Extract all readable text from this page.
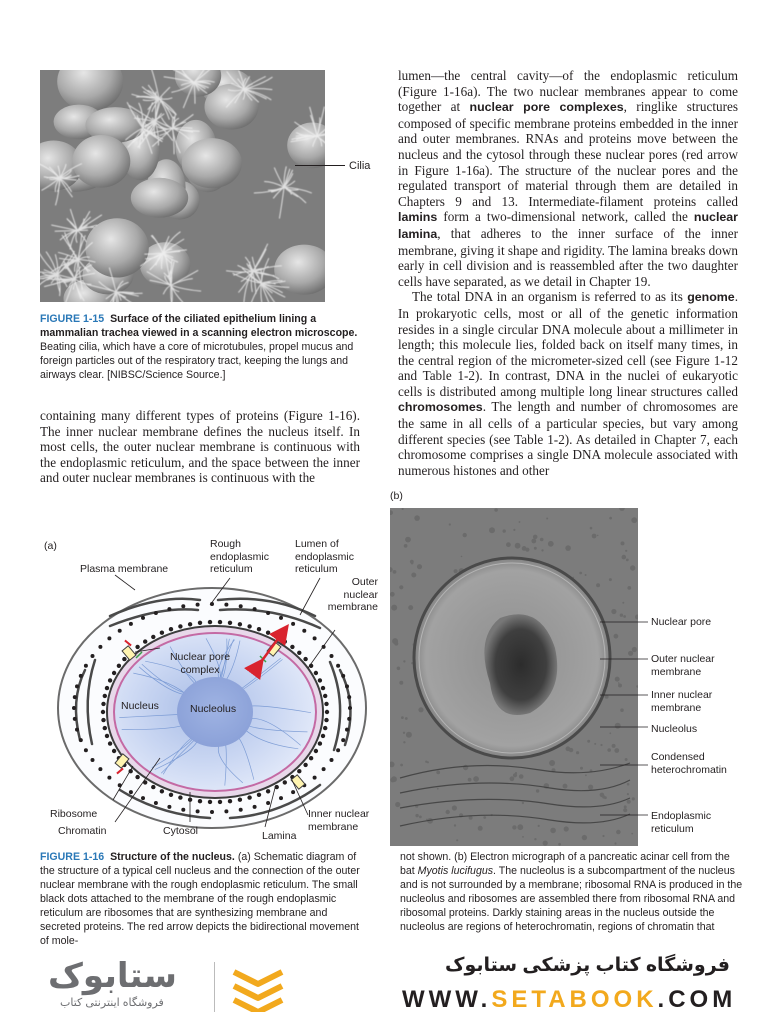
Cilia
FIGURE 1-15 Surface of the ciliated epithelium lining a mammalian trachea viewed in a scanning electron microscope. Beating cilia, which have a core of microtubules, propel mucus and foreign particles out of the respiratory tract, keeping the lungs and airways clear. [NIBSC/Science Source.]

containing many different types of proteins (Figure 1-16). The inner nuclear membrane defines the nucleus itself. In most cells, the outer nuclear membrane is continuous with the endoplasmic reticulum, and the space between the inner and outer nuclear membranes is continuous with the

lumen—the central cavity—of the endoplasmic reticulum (Figure 1-16a). The two nuclear membranes appear to come together at nuclear pore complexes, ringlike structures composed of specific membrane proteins embedded in the inner and outer membranes. RNAs and proteins move between the nucleus and the cytosol through these nuclear pores (red arrow in Figure 1-16a). The structure of the nuclear pores and the regulated transport of material through them are detailed in Chapters 9 and 13. Intermediate-filament proteins called lamins form a two-dimensional network, called the nuclear lamina, that adheres to the inner surface of the inner membrane, giving it shape and rigidity. The lamina breaks down early in cell division and is reassembled after the two daughter cells have separated, as we detail in Chapter 19.

The total DNA in an organism is referred to as its genome. In prokaryotic cells, most or all of the genetic information resides in a single circular DNA molecule about a millimeter in length; this molecule lies, folded back on itself many times, in the central region of the micrometer-sized cell (see Figure 1-12 and Table 1-2). In contrast, DNA in the nuclei of eukaryotic cells is distributed among multiple long linear structures called chromosomes. The length and number of chromosomes are the same in all cells of a particular species, but vary among different species (see Table 1-2). As detailed in Chapter 7, each chromosome comprises a single DNA molecule associated with numerous histones and other

(a)
Plasma membrane
Rough endoplasmic reticulum
Lumen of endoplasmic reticulum
Outer nuclear membrane
Nuclear pore complex
Nucleus	Nucleolus
Ribosome
Chromatin	Cytosol	Lamina
Inner nuclear membrane
(b)
Nuclear pore
Outer nuclear membrane
Inner nuclear membrane
Nucleolus
Condensed heterochromatin
Endoplasmic reticulum
FIGURE 1-16 Structure of the nucleus. (a) Schematic diagram of the structure of a typical cell nucleus and the connection of the outer nuclear membrane with the rough endoplasmic reticulum. The small black dots attached to the membrane of the rough endoplasmic reticulum are ribosomes that are synthesizing membrane and secreted proteins. The red arrow depicts the bidirectional movement of mole-
not shown. (b) Electron micrograph of a pancreatic acinar cell from the bat Myotis lucifugus. The nucleolus is a subcompartment of the nucleus and is not surrounded by a membrane; ribosomal RNA is produced in the nucleolus and ribosomes are assembled there from ribosomal RNA and ribosomal proteins. Darkly staining areas in the nucleus outside the nucleolus are regions of heterochromatin, regions of chromatin that
ستابوک
فروشگاه اینترنتی کتاب
فروشگاه کتاب پزشکی ستابوک
WWW.SETABOOK.COM
